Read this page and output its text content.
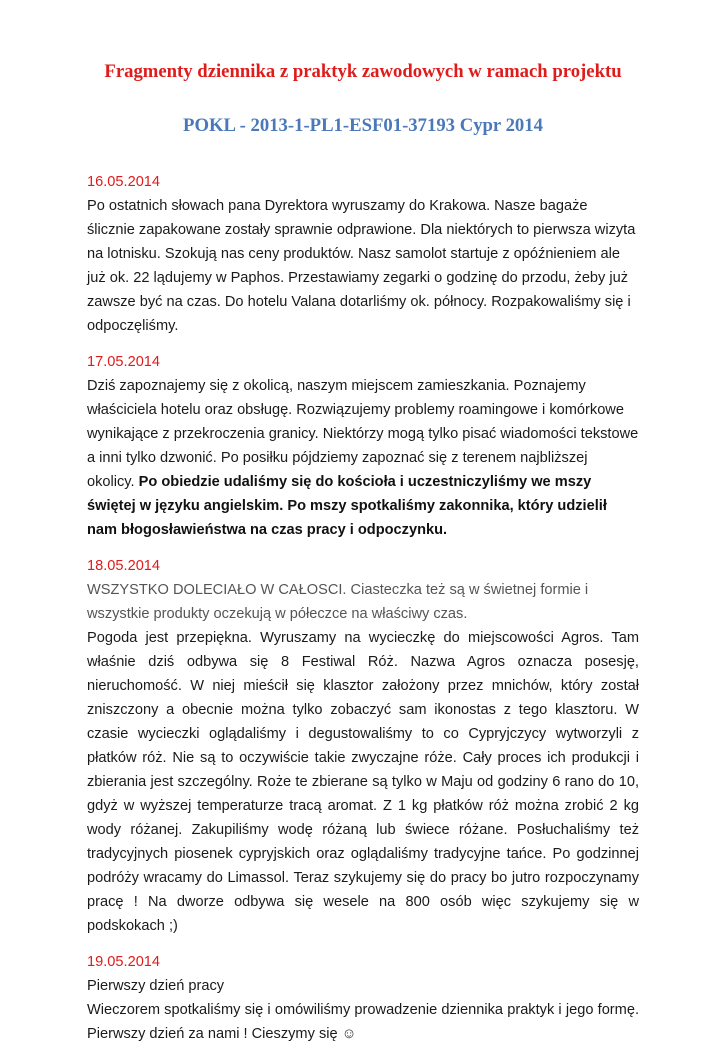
Fragmenty dziennika z praktyk zawodowych w ramach projektu
POKL - 2013-1-PL1-ESF01-37193 Cypr 2014

16.05.2014

Po ostatnich słowach pana Dyrektora wyruszamy do Krakowa. Nasze bagaże ślicznie zapakowane zostały sprawnie odprawione. Dla niektórych to pierwsza wizyta na lotnisku. Szokują nas ceny produktów. Nasz samolot startuje z opóźnieniem ale już ok. 22 lądujemy w Paphos. Przestawiamy zegarki o godzinę do przodu, żeby już zawsze być na czas. Do hotelu Valana dotarliśmy ok. północy. Rozpakowaliśmy się i odpoczęliśmy.

17.05.2014

Dziś zapoznajemy się z okolicą, naszym miejscem zamieszkania. Poznajemy właściciela hotelu oraz obsługę. Rozwiązujemy problemy roamingowe i komórkowe wynikające z przekroczenia granicy. Niektórzy mogą tylko pisać wiadomości tekstowe a inni tylko dzwonić. Po posiłku pójdziemy zapoznać się z terenem najbliższej okolicy. Po obiedzie udaliśmy się do kościoła i uczestniczyliśmy we mszy świętej w języku angielskim. Po mszy spotkaliśmy zakonnika, który udzielił nam błogosławieństwa na czas pracy i odpoczynku.

18.05.2014

WSZYSTKO DOLECIAŁO W CAŁOSCI. Ciasteczka też są w świetnej formie i wszystkie produkty oczekują w półeczce na właściwy czas.

Pogoda jest przepiękna. Wyruszamy na wycieczkę do miejscowości Agros. Tam właśnie dziś odbywa się 8 Festiwal Róż. Nazwa Agros oznacza posesję, nieruchomość. W niej mieścił się klasztor założony przez mnichów, który został zniszczony a obecnie można tylko zobaczyć sam ikonostas z tego klasztoru. W czasie wycieczki oglądaliśmy i degustowaliśmy to co Cypryjczycy wytworzyli z płatków róż. Nie są to oczywiście takie zwyczajne róże. Cały proces ich produkcji i zbierania jest szczególny. Roże te zbierane są tylko w Maju od godziny 6 rano do 10, gdyż w wyższej temperaturze tracą aromat. Z 1 kg płatków róż można zrobić 2 kg wody różanej. Zakupiliśmy wodę różaną lub świece różane. Posłuchaliśmy też tradycyjnych piosenek cypryjskich oraz oglądaliśmy tradycyjne tańce. Po godzinnej podróży wracamy do Limassol. Teraz szykujemy się do pracy bo jutro rozpoczynamy pracę ! Na dworze odbywa się wesele na 800 osób więc szykujemy się w podskokach ;)

19.05.2014

Pierwszy dzień pracy

Wieczorem spotkaliśmy się i omówiliśmy prowadzenie dziennika praktyk i jego formę. Pierwszy dzień za nami ! Cieszymy się ☺
